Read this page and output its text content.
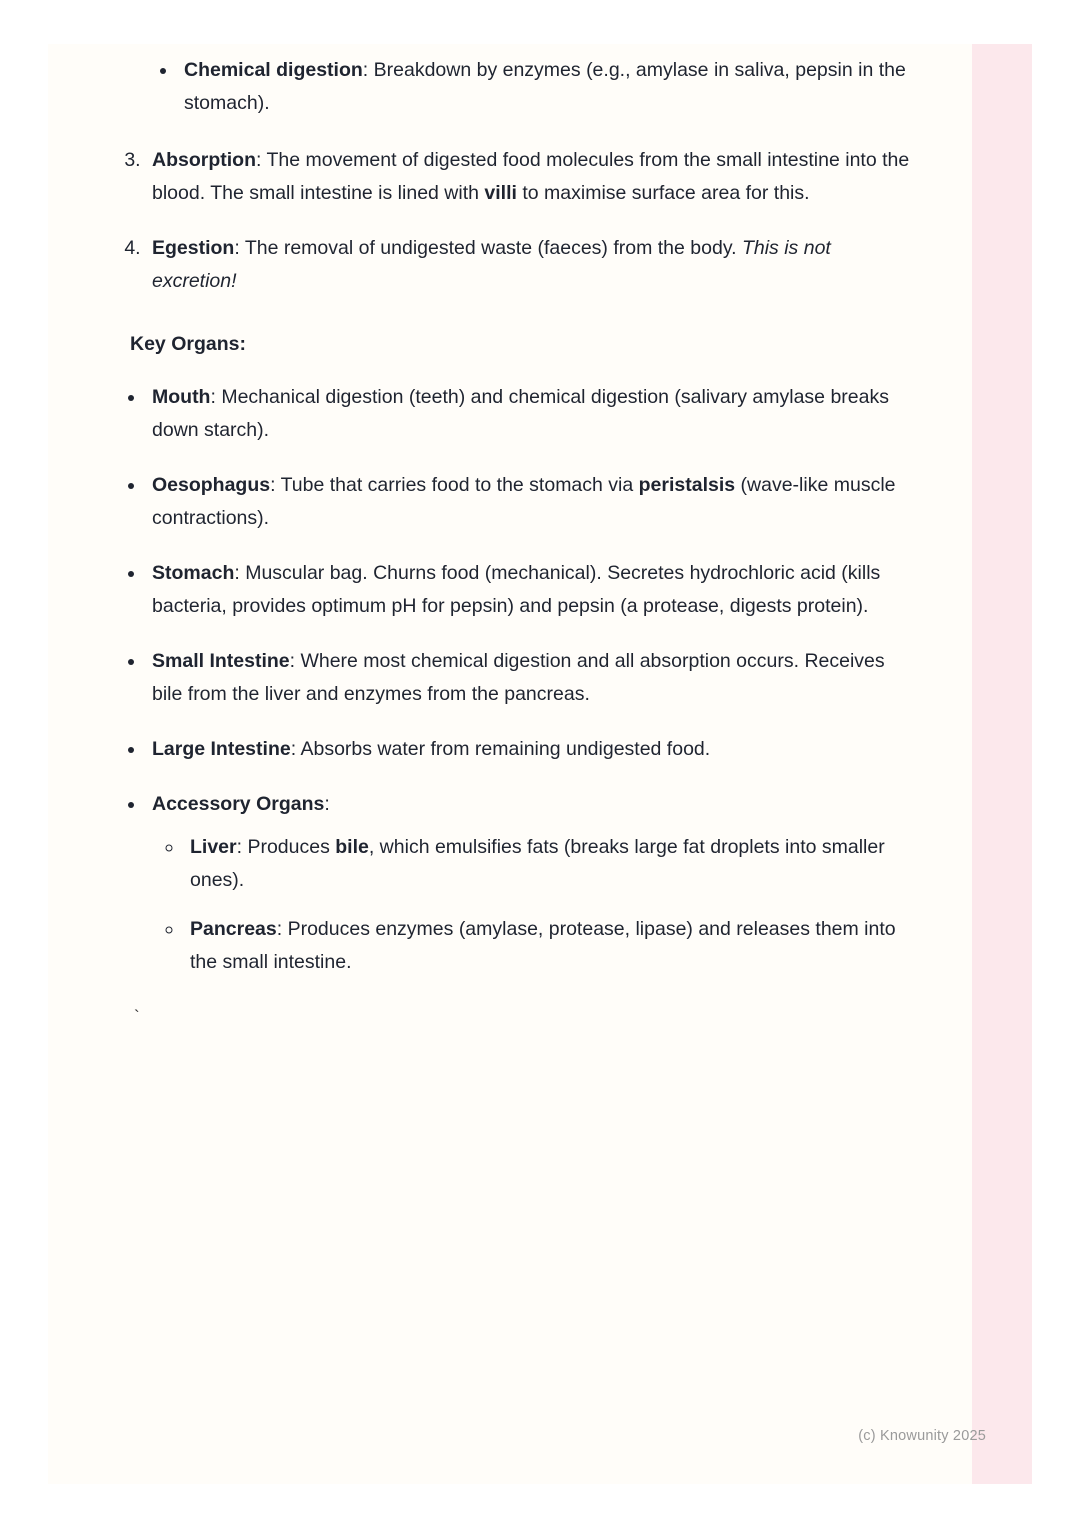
• Chemical digestion: Breakdown by enzymes (e.g., amylase in saliva, pepsin in the stomach).
3. Absorption: The movement of digested food molecules from the small intestine into the blood. The small intestine is lined with villi to maximise surface area for this.
4. Egestion: The removal of undigested waste (faeces) from the body. This is not excretion!
Key Organs:
• Mouth: Mechanical digestion (teeth) and chemical digestion (salivary amylase breaks down starch).
• Oesophagus: Tube that carries food to the stomach via peristalsis (wave-like muscle contractions).
• Stomach: Muscular bag. Churns food (mechanical). Secretes hydrochloric acid (kills bacteria, provides optimum pH for pepsin) and pepsin (a protease, digests protein).
• Small Intestine: Where most chemical digestion and all absorption occurs. Receives bile from the liver and enzymes from the pancreas.
• Large Intestine: Absorbs water from remaining undigested food.
• Accessory Organs:
◦ Liver: Produces bile, which emulsifies fats (breaks large fat droplets into smaller ones).
◦ Pancreas: Produces enzymes (amylase, protease, lipase) and releases them into the small intestine.
`
(c) Knowunity 2025
